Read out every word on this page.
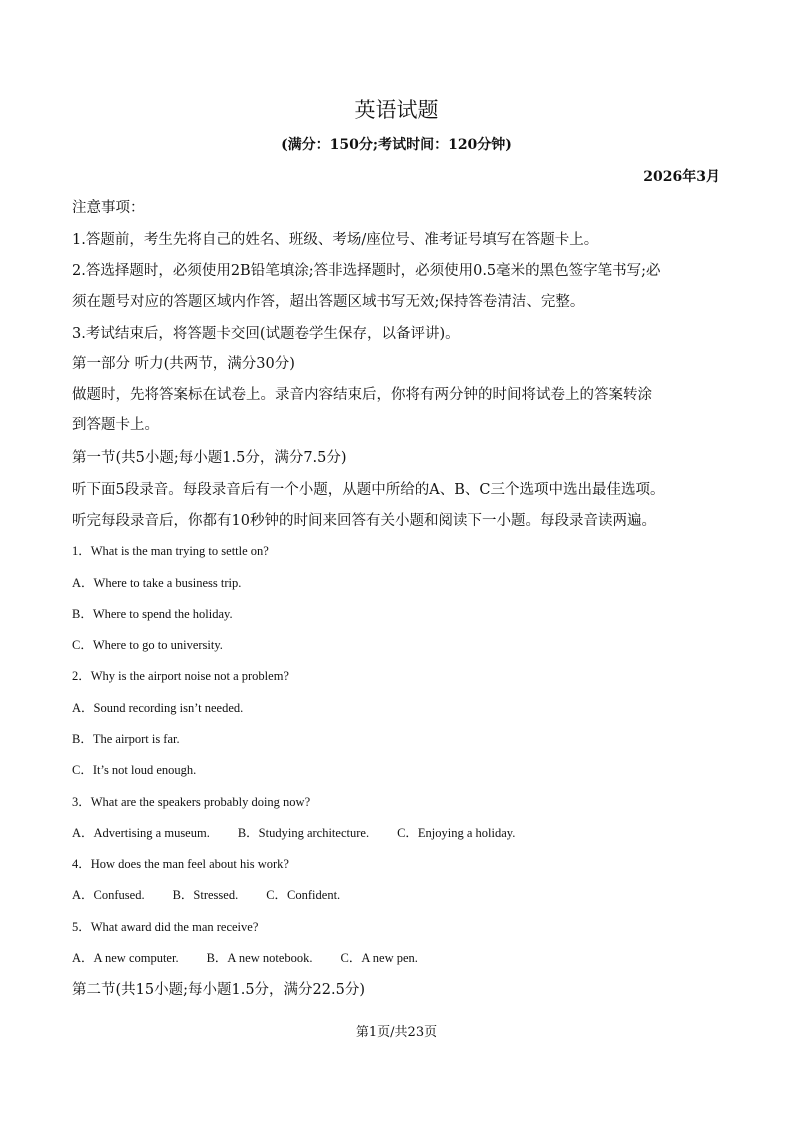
英语试题
(满分：150分;考试时间：120分钟)
2026年3月
注意事项：
1.答题前，考生先将自己的姓名、班级、考场/座位号、准考证号填写在答题卡上。
2.答选择题时，必须使用2B铅笔填涂;答非选择题时，必须使用0.5毫米的黑色签字笔书写;必
须在题号对应的答题区域内作答，超出答题区域书写无效;保持答卷清洁、完整。
3.考试结束后，将答题卡交回(试题卷学生保存，以备评讲)。
第一部分 听力(共两节，满分30分)
做题时，先将答案标在试卷上。录音内容结束后，你将有两分钟的时间将试卷上的答案转涂
到答题卡上。
第一节(共5小题;每小题1.5分，满分7.5分)
听下面5段录音。每段录音后有一个小题，从题中所给的A、B、C三个选项中选出最佳选项。
听完每段录音后，你都有10秒钟的时间来回答有关小题和阅读下一小题。每段录音读两遍。
1．What is the man trying to settle on?
A．Where to take a business trip.
B．Where to spend the holiday.
C．Where to go to university.
2．Why is the airport noise not a problem?
A．Sound recording isn’t needed.
B．The airport is far.
C．It’s not loud enough.
3．What are the speakers probably doing now?
A．Advertising a museum. B．Studying architecture. C．Enjoying a holiday.
4．How does the man feel about his work?
A．Confused. B．Stressed. C．Confident.
5．What award did the man receive?
A．A new computer. B．A new notebook. C．A new pen.
第二节(共15小题;每小题1.5分，满分22.5分)
第1页/共23页
